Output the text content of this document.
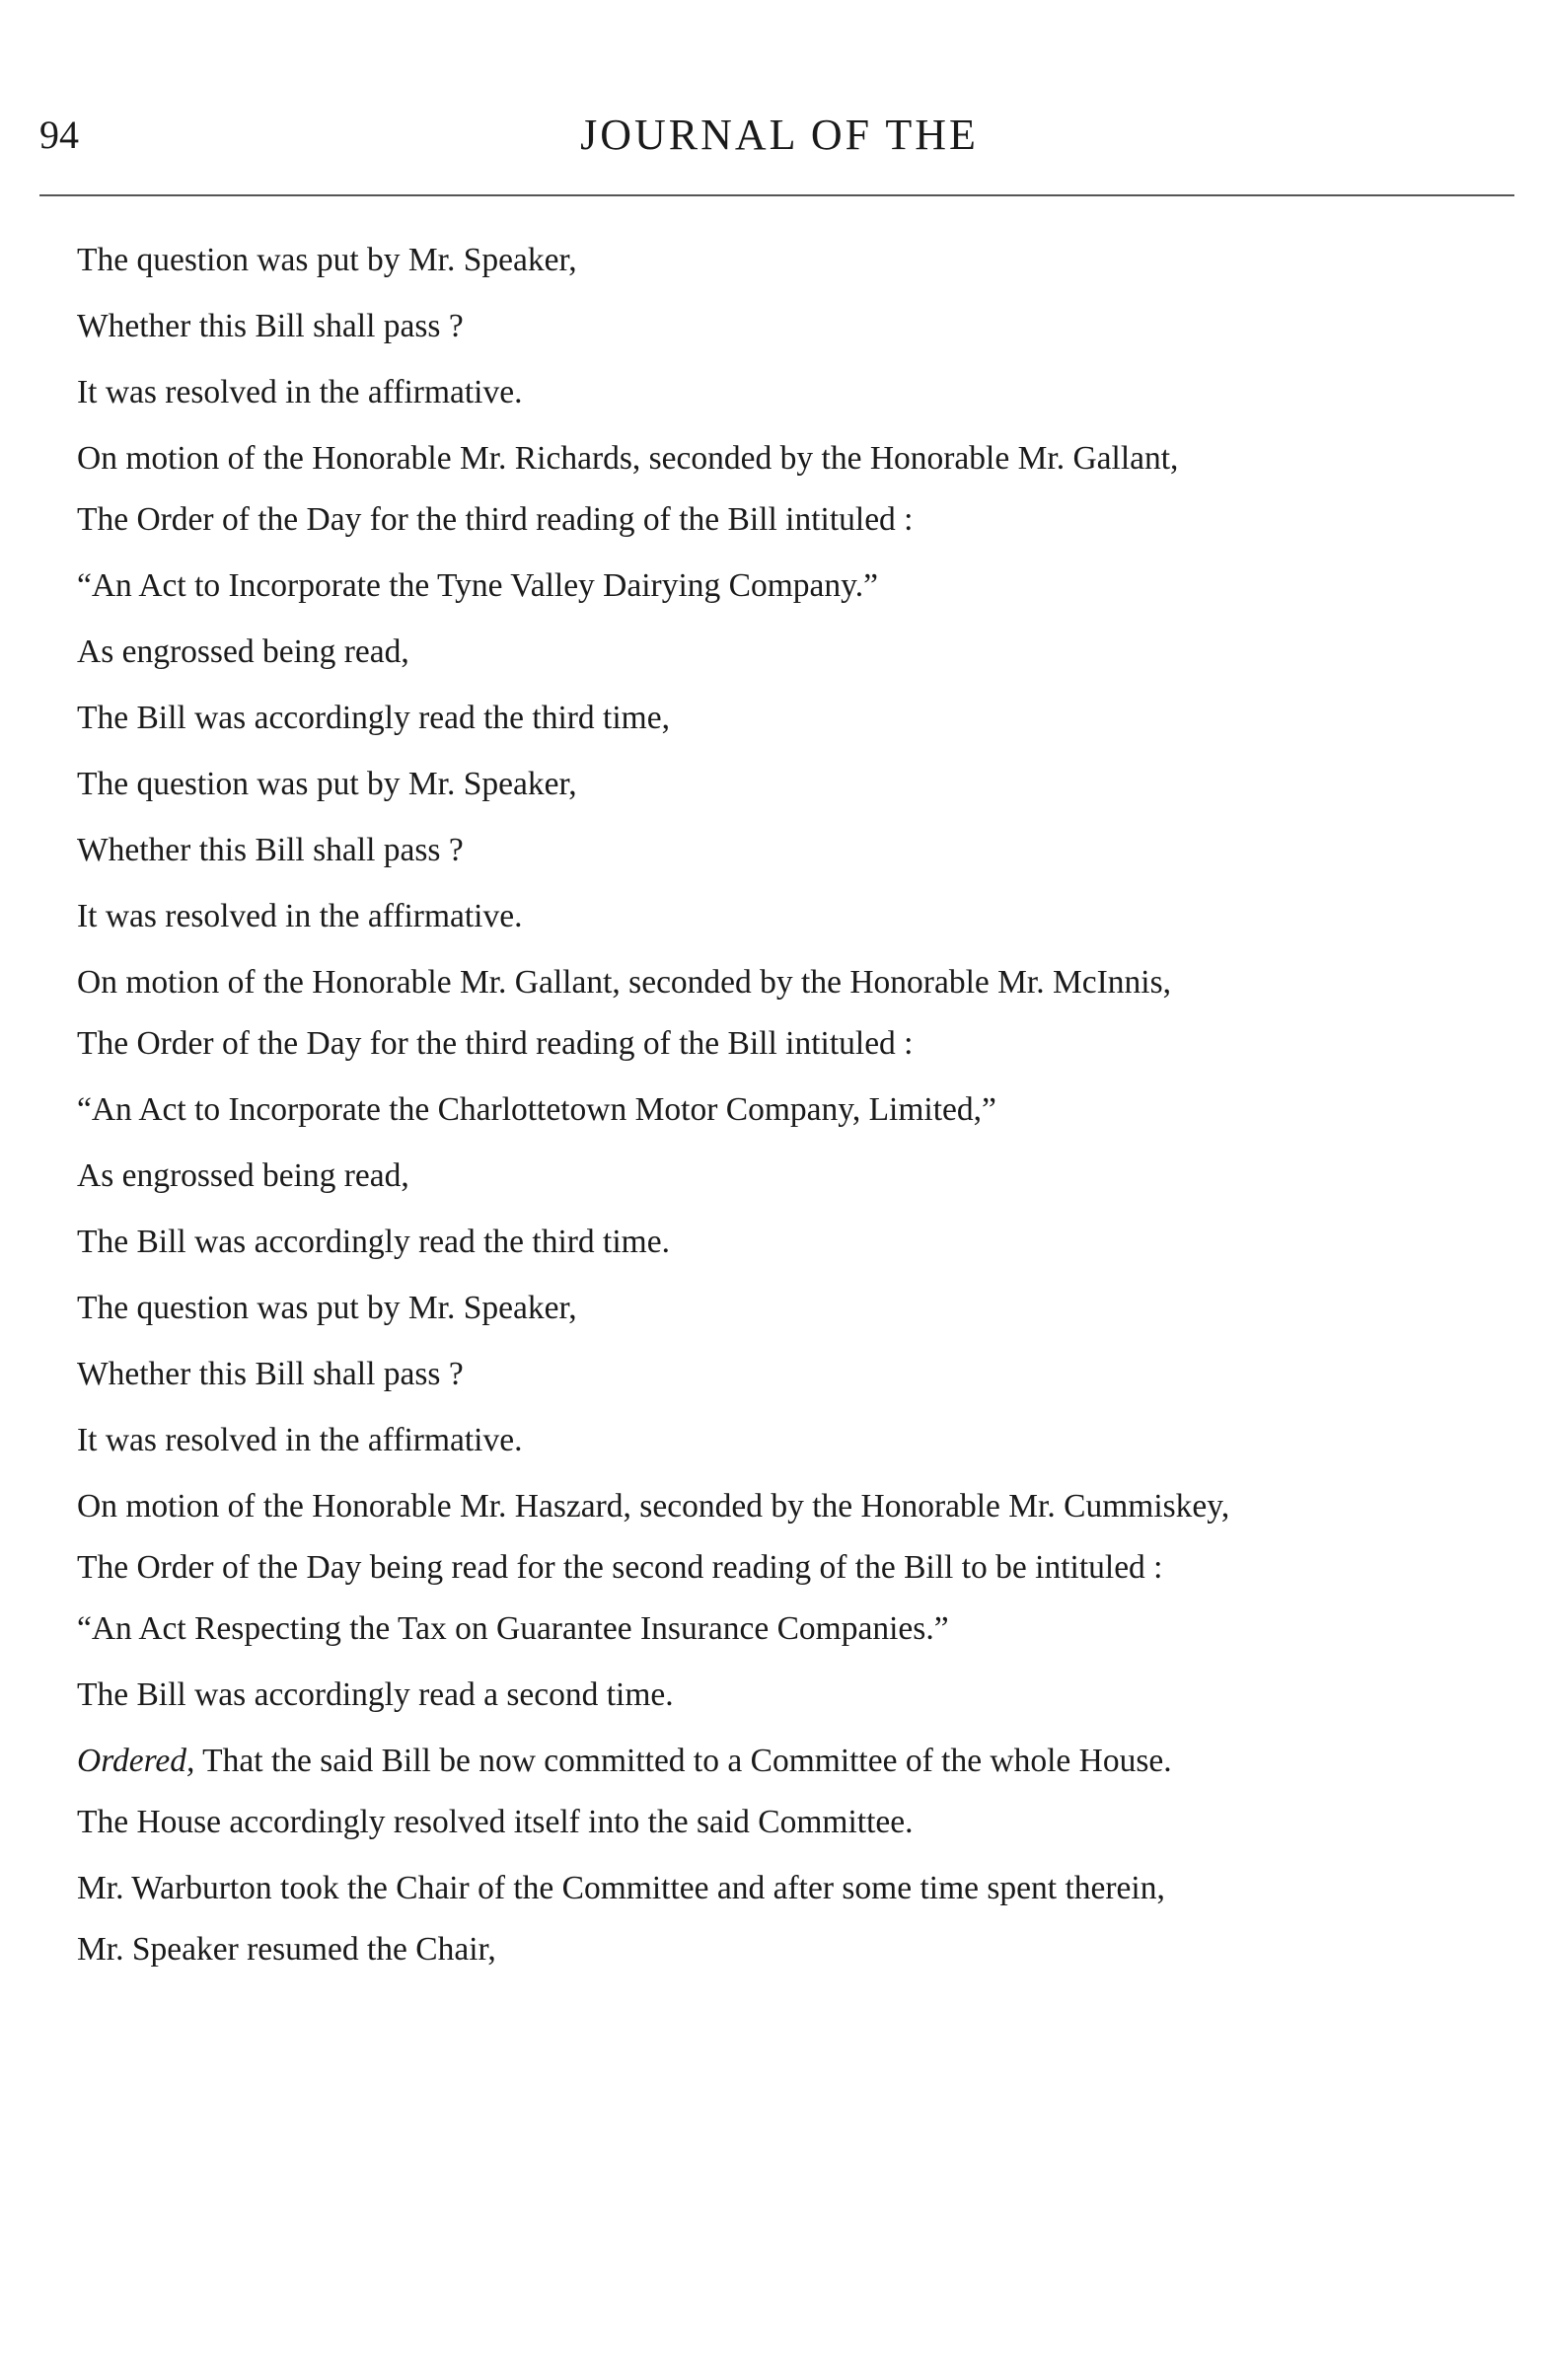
94	JOURNAL OF THE

The question was put by Mr. Speaker,

Whether this Bill shall pass ?

It was resolved in the affirmative.

On motion of the Honorable Mr. Richards, seconded by the Honorable Mr. Gallant,

The Order of the Day for the third reading of the Bill intituled :

“An Act to Incorporate the Tyne Valley Dairying Company.”

As engrossed being read,

The Bill was accordingly read the third time,

The question was put by Mr. Speaker,

Whether this Bill shall pass ?

It was resolved in the affirmative.

On motion of the Honorable Mr. Gallant, seconded by the Honorable Mr. McInnis,

The Order of the Day for the third reading of the Bill intituled :

“An Act to Incorporate the Charlottetown Motor Company, Limited,”

As engrossed being read,

The Bill was accordingly read the third time.

The question was put by Mr. Speaker,

Whether this Bill shall pass ?

It was resolved in the affirmative.

On motion of the Honorable Mr. Haszard, seconded by the Honorable Mr. Cummiskey,

The Order of the Day being read for the second reading of the Bill to be intituled :

“An Act Respecting the Tax on Guarantee Insurance Companies.”

The Bill was accordingly read a second time.

Ordered, That the said Bill be now committed to a Committee of the whole House.

The House accordingly resolved itself into the said Committee.

Mr. Warburton took the Chair of the Committee and after some time spent therein,

Mr. Speaker resumed the Chair,
